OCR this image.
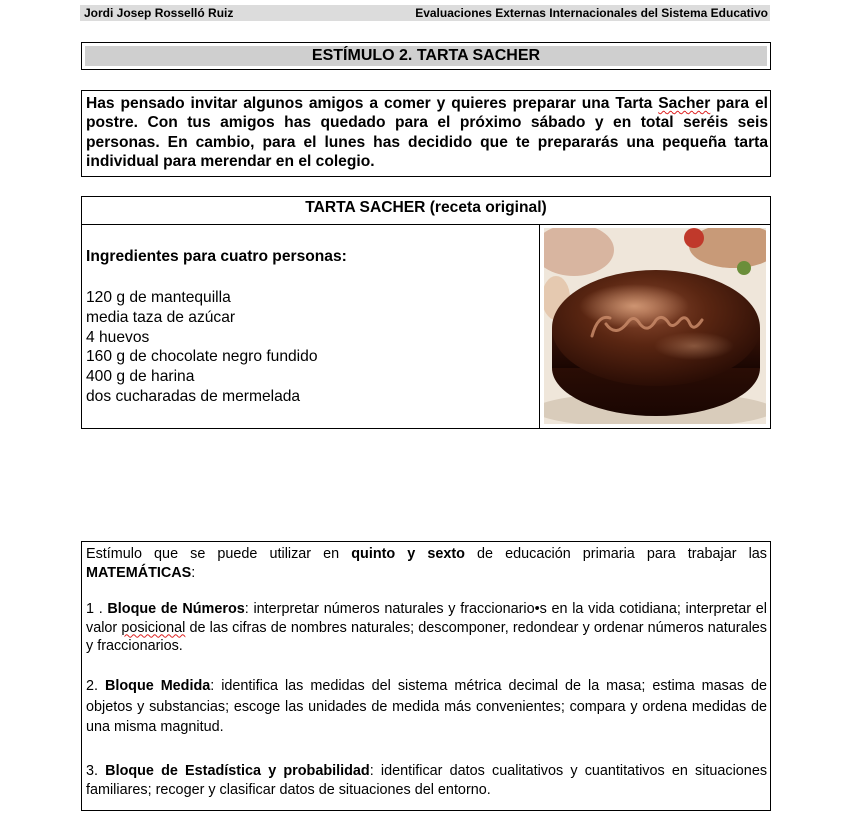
Jordi Josep Rosselló Ruiz	Evaluaciones Externas Internacionales del Sistema Educativo
ESTÍMULO 2. TARTA SACHER
Has pensado invitar algunos amigos a comer y quieres preparar una Tarta Sacher para el postre. Con tus amigos has quedado para el próximo sábado y en total seréis seis personas. En cambio, para el lunes has decidido que te prepararás una pequeña tarta individual para merendar en el colegio.
TARTA SACHER (receta original)
Ingredientes para cuatro personas:
120 g de mantequilla
media taza de azúcar
4 huevos
160 g de chocolate negro fundido
400 g de harina
dos cucharadas de mermelada
Estímulo que se puede utilizar en quinto y sexto de educación primaria para trabajar las MATEMÁTICAS:
1 . Bloque de Números: interpretar números naturales y fraccionario•s en la vida cotidiana; interpretar el valor posicional de las cifras de nombres naturales; descomponer, redondear y ordenar números naturales y fraccionarios.
2. Bloque Medida: identifica las medidas del sistema métrica decimal de la masa; estima masas de objetos y substancias; escoge las unidades de medida más convenientes; compara y ordena medidas de una misma magnitud.
3. Bloque de Estadística y probabilidad: identificar datos cualitativos y cuantitativos en situaciones familiares; recoger y clasificar datos de situaciones del entorno.
